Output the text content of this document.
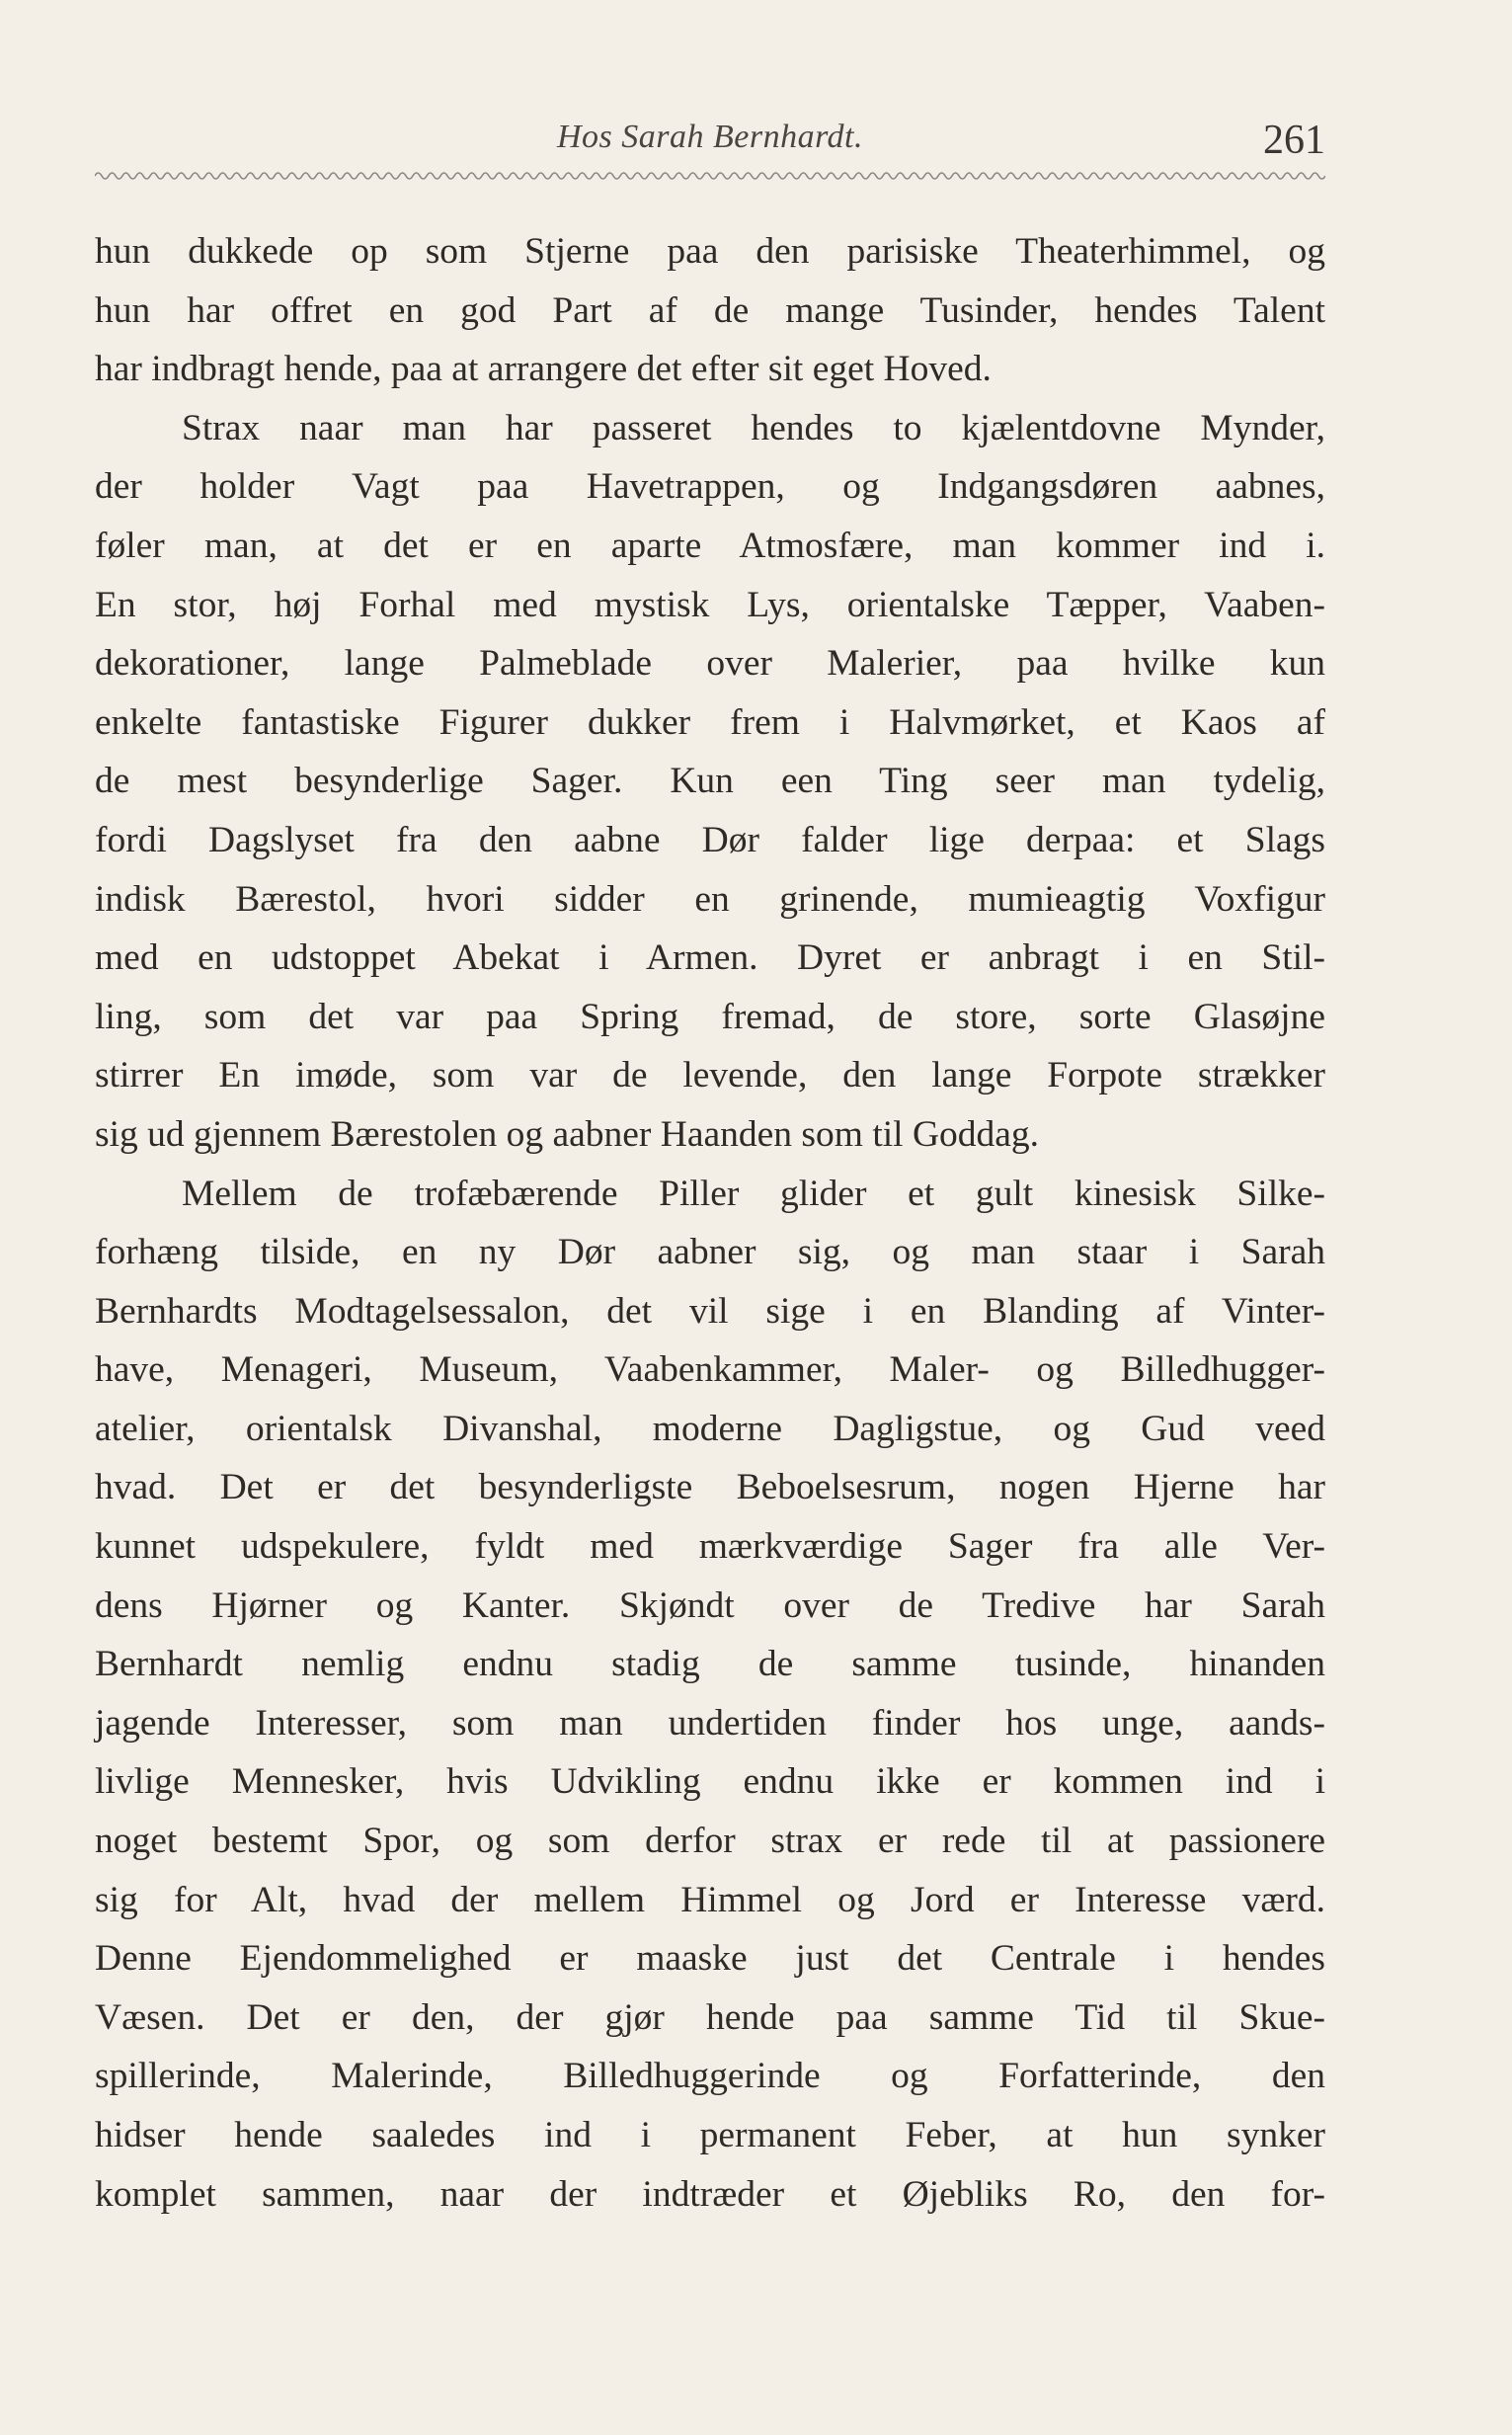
Hos Sarah Bernhardt.	261
hun dukkede op som Stjerne paa den parisiske Theaterhimmel, og
hun har offret en god Part af de mange Tusinder, hendes Talent
har indbragt hende, paa at arrangere det efter sit eget Hoved.
Strax naar man har passeret hendes to kjælentdovne Mynder,
der holder Vagt paa Havetrappen, og Indgangsdøren aabnes,
føler man, at det er en aparte Atmosfære, man kommer ind i.
En stor, høj Forhal med mystisk Lys, orientalske Tæpper, Vaaben-
dekorationer, lange Palmeblade over Malerier, paa hvilke kun
enkelte fantastiske Figurer dukker frem i Halvmørket, et Kaos af
de mest besynderlige Sager. Kun een Ting seer man tydelig,
fordi Dagslyset fra den aabne Dør falder lige derpaa: et Slags
indisk Bærestol, hvori sidder en grinende, mumieagtig Voxfigur
med en udstoppet Abekat i Armen. Dyret er anbragt i en Stil-
ling, som det var paa Spring fremad, de store, sorte Glasøjne
stirrer En imøde, som var de levende, den lange Forpote strækker
sig ud gjennem Bærestolen og aabner Haanden som til Goddag.
Mellem de trofæbærende Piller glider et gult kinesisk Silke-
forhæng tilside, en ny Dør aabner sig, og man staar i Sarah
Bernhardts Modtagelsessalon, det vil sige i en Blanding af Vinter-
have, Menageri, Museum, Vaabenkammer, Maler- og Billedhugger-
atelier, orientalsk Divanshal, moderne Dagligstue, og Gud veed
hvad. Det er det besynderligste Beboelsesrum, nogen Hjerne har
kunnet udspekulere, fyldt med mærkværdige Sager fra alle Ver-
dens Hjørner og Kanter. Skjøndt over de Tredive har Sarah
Bernhardt nemlig endnu stadig de samme tusinde, hinanden
jagende Interesser, som man undertiden finder hos unge, aands-
livlige Mennesker, hvis Udvikling endnu ikke er kommen ind i
noget bestemt Spor, og som derfor strax er rede til at passionere
sig for Alt, hvad der mellem Himmel og Jord er Interesse værd.
Denne Ejendommelighed er maaske just det Centrale i hendes
Væsen. Det er den, der gjør hende paa samme Tid til Skue-
spillerinde, Malerinde, Billedhuggerinde og Forfatterinde, den
hidser hende saaledes ind i permanent Feber, at hun synker
komplet sammen, naar der indtræder et Øjebliks Ro, den for-
